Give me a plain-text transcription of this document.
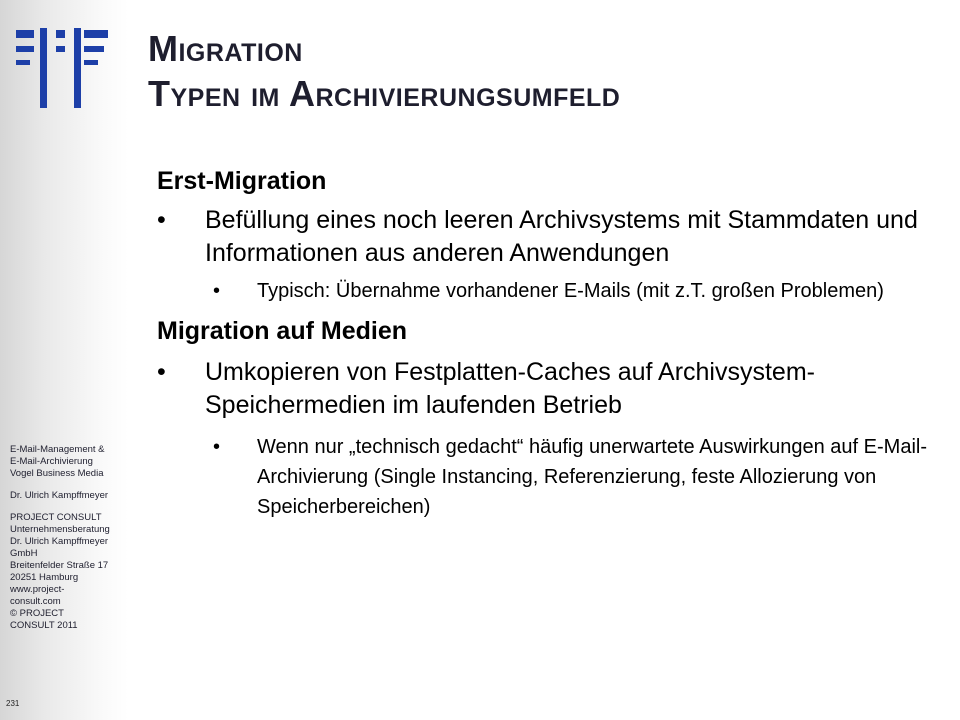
E-Mail-Management &
E-Mail-Archivierung
Vogel Business Media
Dr. Ulrich Kampffmeyer
PROJECT CONSULT
Unternehmensberatung
Dr. Ulrich Kampffmeyer
GmbH
Breitenfelder Straße 17
20251 Hamburg
www.project-
consult.com
© PROJECT
CONSULT 2011
231
Migration
Typen im Archivierungsumfeld

Erst-Migration

• Befüllung eines noch leeren Archivsystems mit Stammdaten und Informationen aus anderen Anwendungen
• Typisch: Übernahme vorhandener E-Mails (mit z.T. großen Problemen)

Migration auf Medien

• Umkopieren von Festplatten-Caches auf Archivsystem-Speichermedien im laufenden Betrieb
• Wenn nur „technisch gedacht“ häufig unerwartete Auswirkungen auf E-Mail-Archivierung (Single Instancing, Referenzierung, feste Allozierung von Speicherbereichen)
